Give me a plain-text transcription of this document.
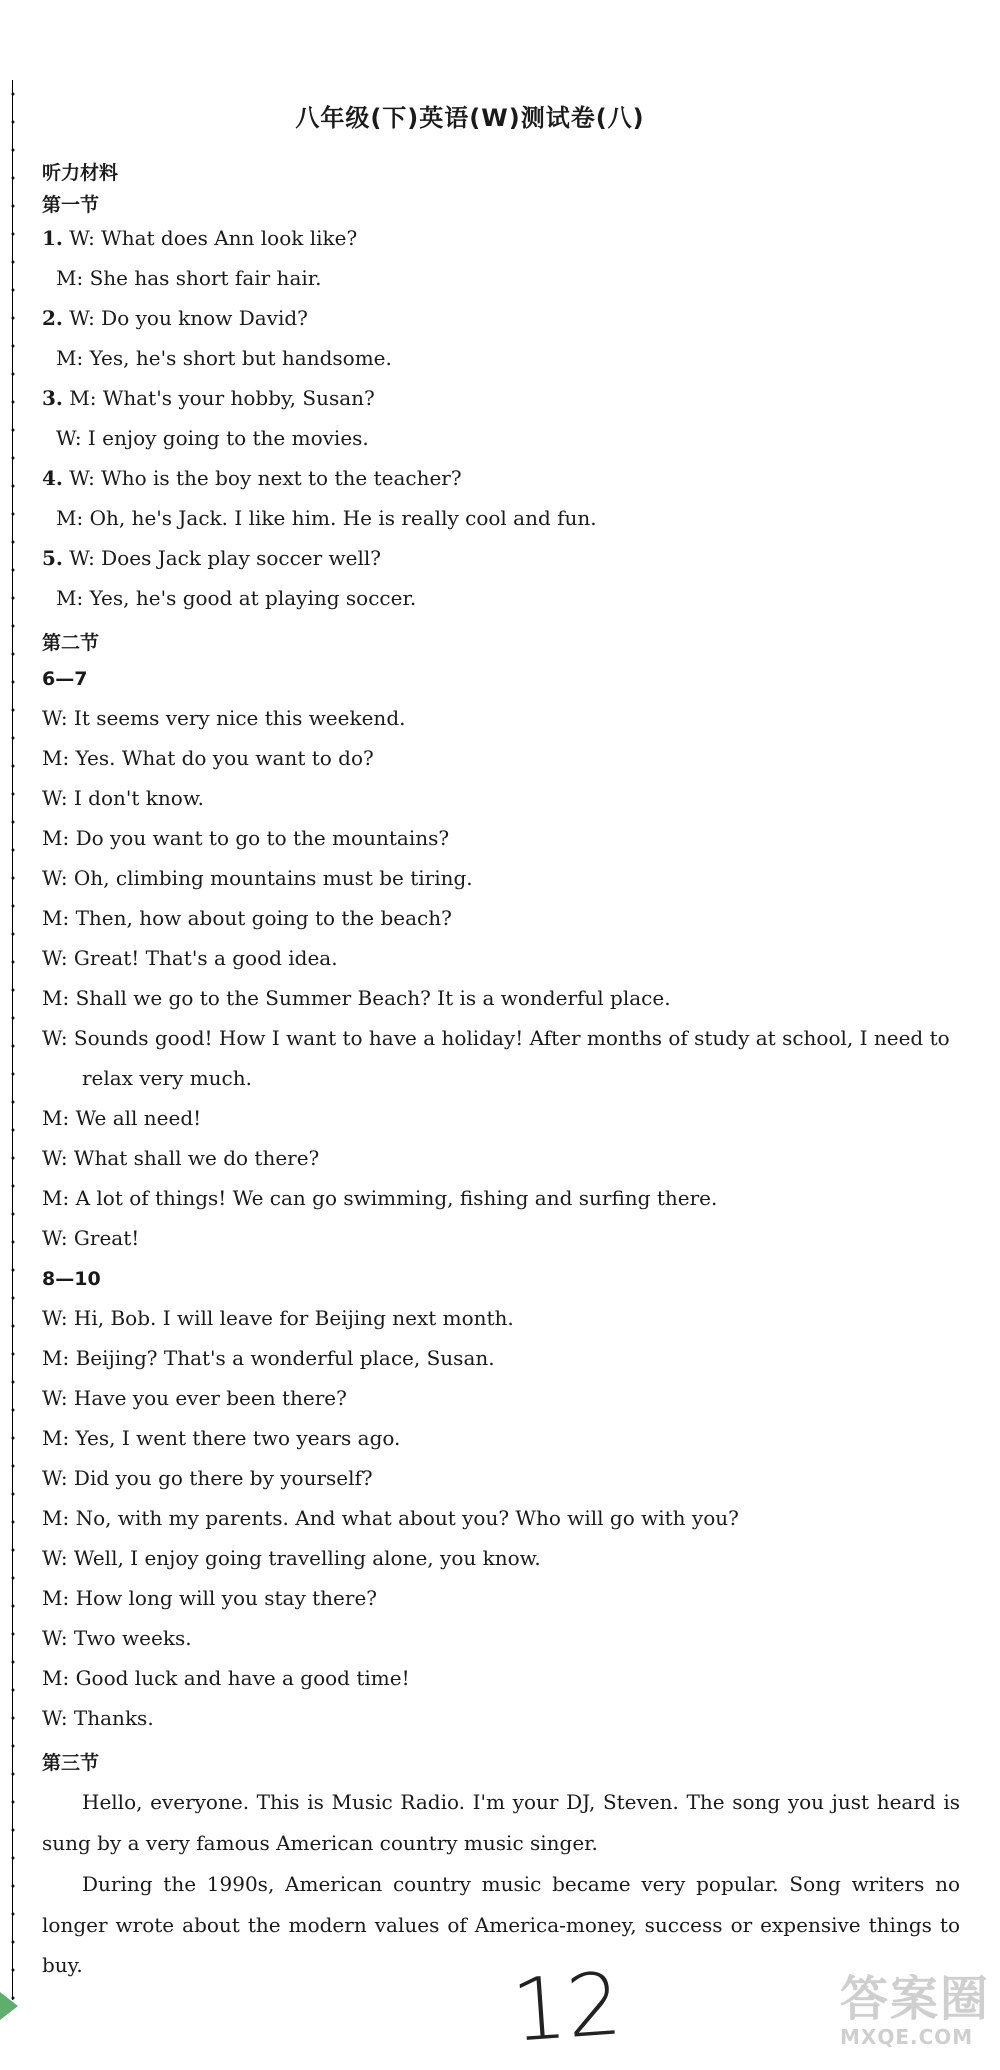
八年级(下)英语(W)测试卷(八)
听力材料
第一节
1. W: What does Ann look like?
M: She has short fair hair.
2. W: Do you know David?
M: Yes, he's short but handsome.
3. M: What's your hobby, Susan?
W: I enjoy going to the movies.
4. W: Who is the boy next to the teacher?
M: Oh, he's Jack. I like him. He is really cool and fun.
5. W: Does Jack play soccer well?
M: Yes, he's good at playing soccer.
第二节
6—7
W: It seems very nice this weekend.
M: Yes. What do you want to do?
W: I don't know.
M: Do you want to go to the mountains?
W: Oh, climbing mountains must be tiring.
M: Then, how about going to the beach?
W: Great! That's a good idea.
M: Shall we go to the Summer Beach? It is a wonderful place.
W: Sounds good! How I want to have a holiday! After months of study at school, I need to
relax very much.
M: We all need!
W: What shall we do there?
M: A lot of things! We can go swimming, fishing and surfing there.
W: Great!
8—10
W: Hi, Bob. I will leave for Beijing next month.
M: Beijing? That's a wonderful place, Susan.
W: Have you ever been there?
M: Yes, I went there two years ago.
W: Did you go there by yourself?
M: No, with my parents. And what about you? Who will go with you?
W: Well, I enjoy going travelling alone, you know.
M: How long will you stay there?
W: Two weeks.
M: Good luck and have a good time!
W: Thanks.
第三节
Hello, everyone. This is Music Radio. I'm your DJ, Steven. The song you just heard is sung by a very famous American country music singer.
During the 1990s, American country music became very popular. Song writers no longer wrote about the modern values of America-money, success or expensive things to buy.	12	答案圈
MXQE.COM
